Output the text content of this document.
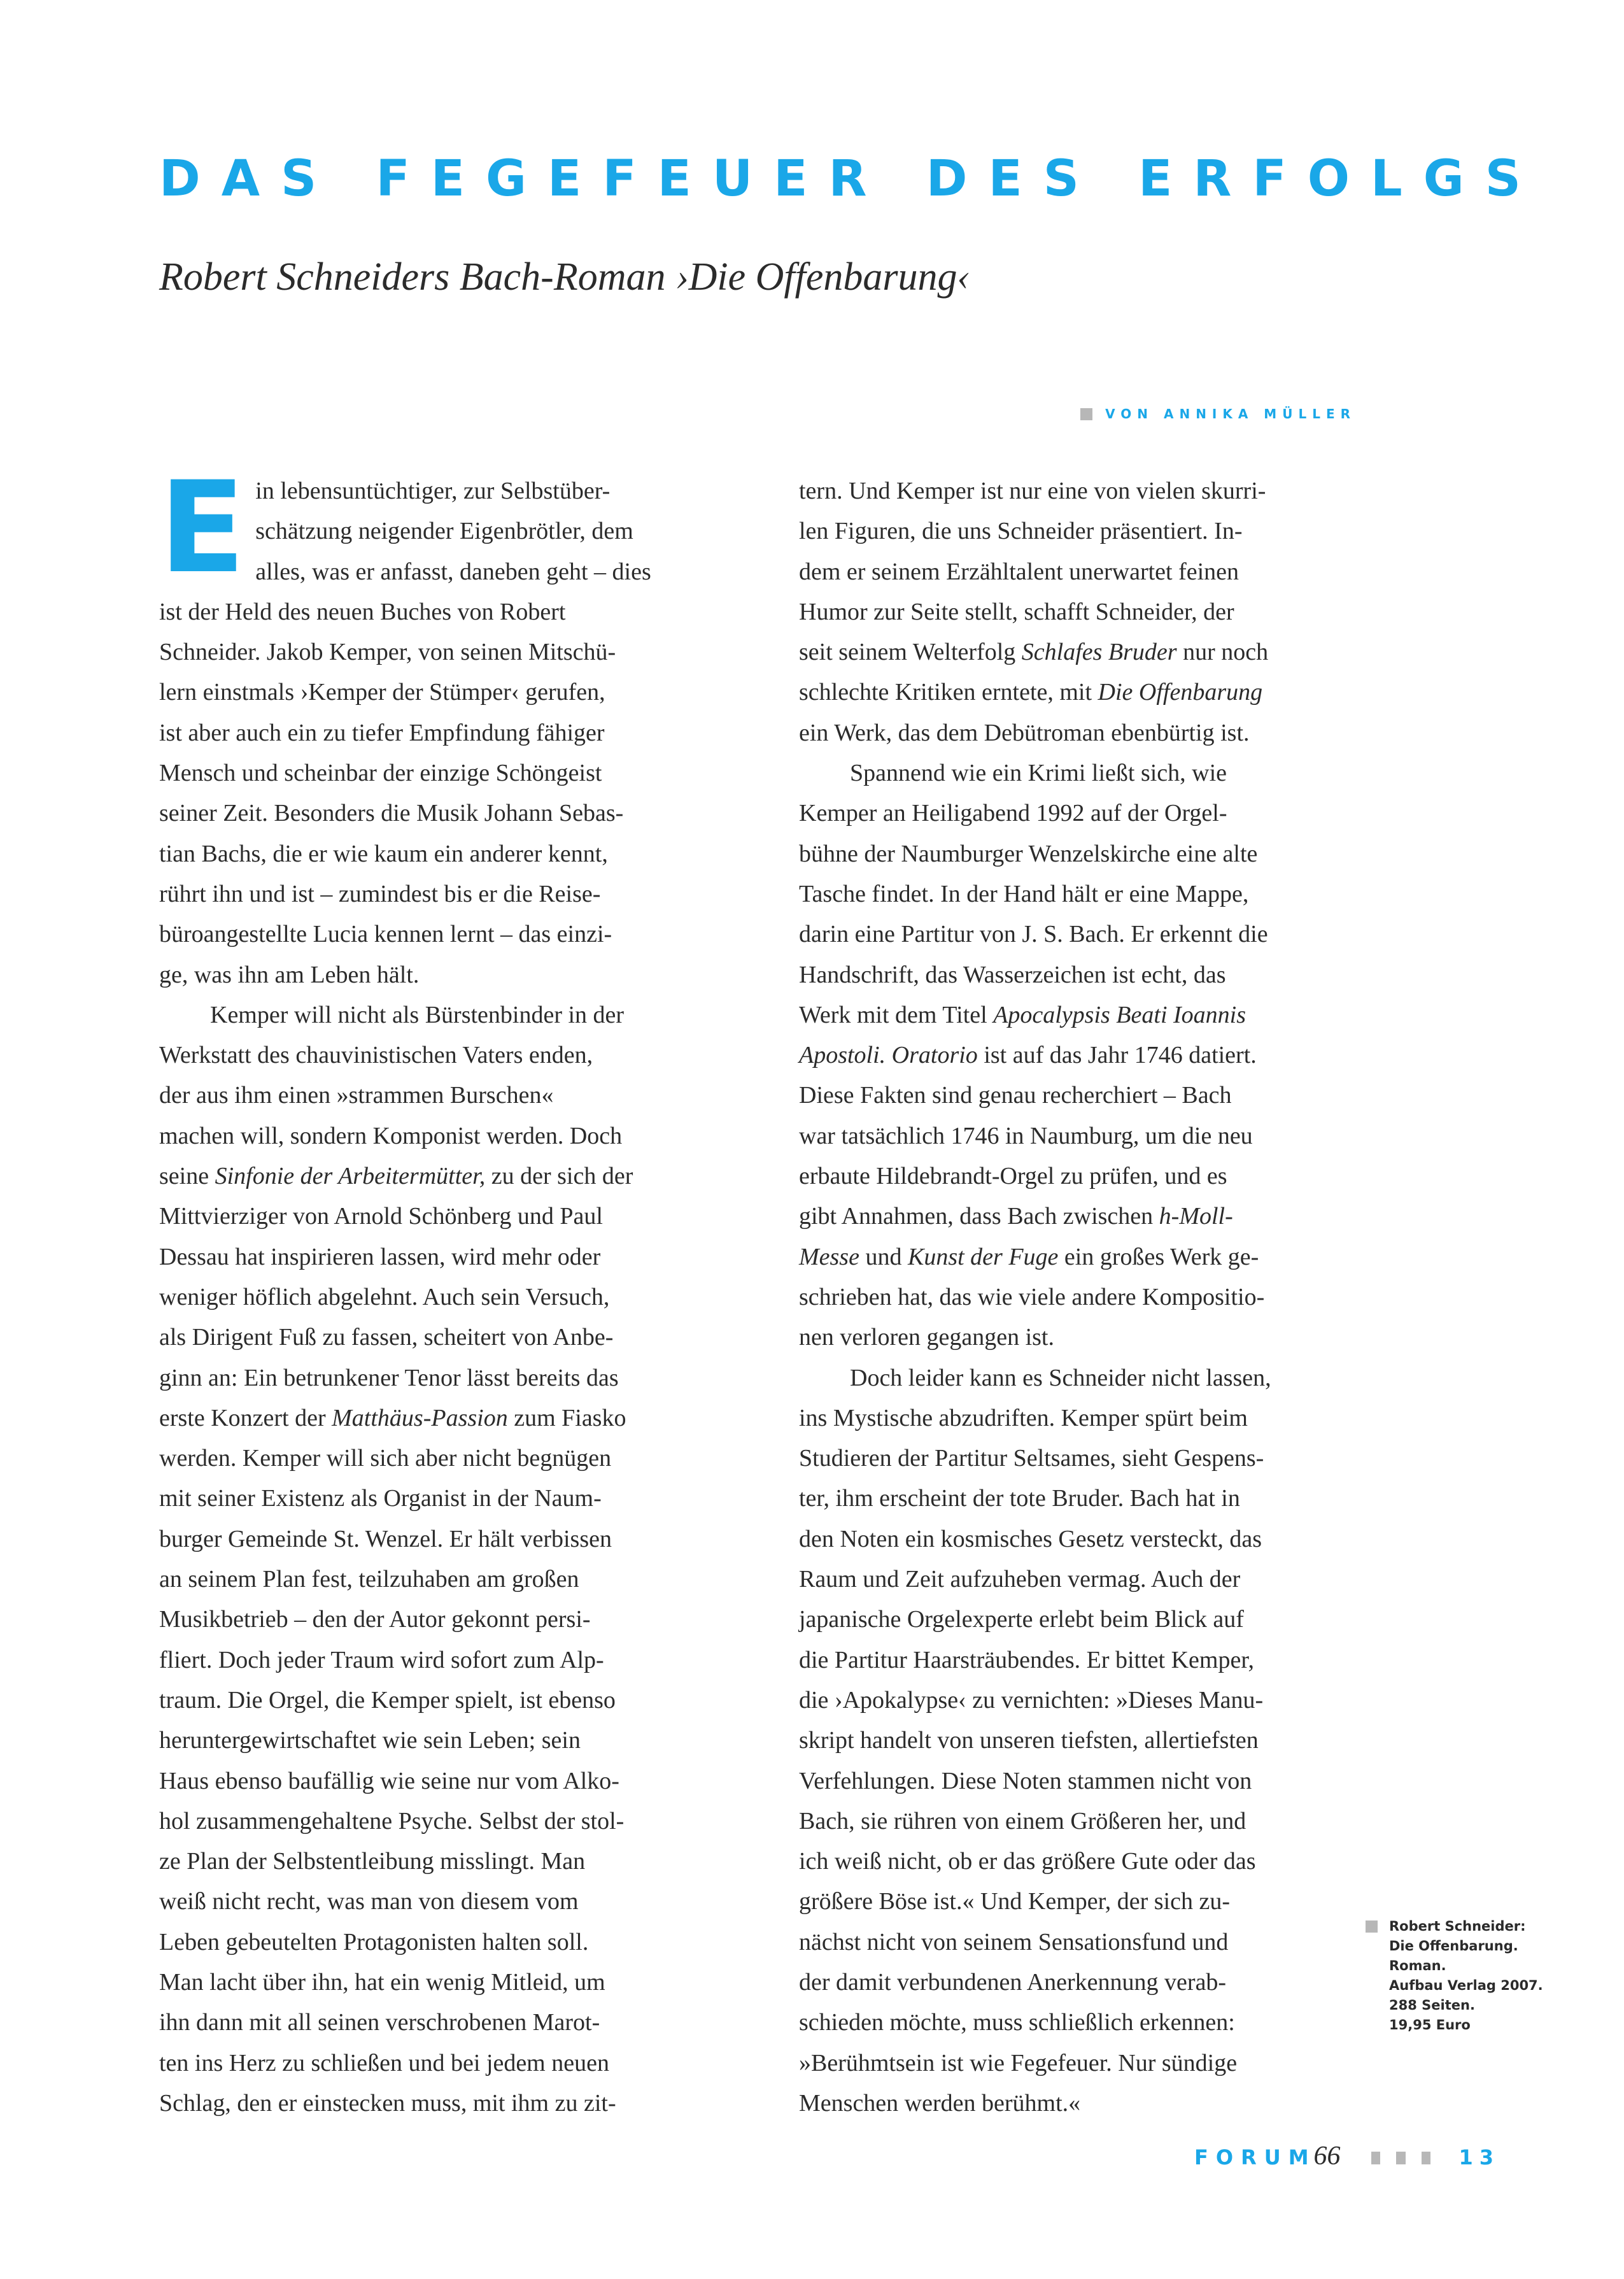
DAS FEGEFEUER DES ERFOLGS
Robert Schneiders Bach-Roman ›Die Offenbarung‹
VON ANNIKA MÜLLER
E in lebensuntüchtiger, zur Selbstüber-
schätzung neigender Eigenbrötler, dem
alles, was er anfasst, daneben geht – dies
ist der Held des neuen Buches von Robert
Schneider. Jakob Kemper, von seinen Mitschü-
lern einstmals ›Kemper der Stümper‹ gerufen,
ist aber auch ein zu tiefer Empfindung fähiger
Mensch und scheinbar der einzige Schöngeist
seiner Zeit. Besonders die Musik Johann Sebas-
tian Bachs, die er wie kaum ein anderer kennt,
rührt ihn und ist – zumindest bis er die Reise-
büroangestellte Lucia kennen lernt – das einzi-
ge, was ihn am Leben hält.
Kemper will nicht als Bürstenbinder in der
Werkstatt des chauvinistischen Vaters enden,
der aus ihm einen »strammen Burschen«
machen will, sondern Komponist werden. Doch
seine Sinfonie der Arbeitermütter, zu der sich der
Mittvierziger von Arnold Schönberg und Paul
Dessau hat inspirieren lassen, wird mehr oder
weniger höflich abgelehnt. Auch sein Versuch,
als Dirigent Fuß zu fassen, scheitert von Anbe-
ginn an: Ein betrunkener Tenor lässt bereits das
erste Konzert der Matthäus-Passion zum Fiasko
werden. Kemper will sich aber nicht begnügen
mit seiner Existenz als Organist in der Naum-
burger Gemeinde St. Wenzel. Er hält verbissen
an seinem Plan fest, teilzuhaben am großen
Musikbetrieb – den der Autor gekonnt persi-
fliert. Doch jeder Traum wird sofort zum Alp-
traum. Die Orgel, die Kemper spielt, ist ebenso
heruntergewirtschaftet wie sein Leben; sein
Haus ebenso baufällig wie seine nur vom Alko-
hol zusammengehaltene Psyche. Selbst der stol-
ze Plan der Selbstentleibung misslingt. Man
weiß nicht recht, was man von diesem vom
Leben gebeutelten Protagonisten halten soll.
Man lacht über ihn, hat ein wenig Mitleid, um
ihn dann mit all seinen verschrobenen Marot-
ten ins Herz zu schließen und bei jedem neuen
Schlag, den er einstecken muss, mit ihm zu zit-
tern. Und Kemper ist nur eine von vielen skurri-
len Figuren, die uns Schneider präsentiert. In-
dem er seinem Erzähltalent unerwartet feinen
Humor zur Seite stellt, schafft Schneider, der
seit seinem Welterfolg Schlafes Bruder nur noch
schlechte Kritiken erntete, mit Die Offenbarung
ein Werk, das dem Debütroman ebenbürtig ist.
Spannend wie ein Krimi ließt sich, wie
Kemper an Heiligabend 1992 auf der Orgel-
bühne der Naumburger Wenzelskirche eine alte
Tasche findet. In der Hand hält er eine Mappe,
darin eine Partitur von J. S. Bach. Er erkennt die
Handschrift, das Wasserzeichen ist echt, das
Werk mit dem Titel Apocalypsis Beati Ioannis
Apostoli. Oratorio ist auf das Jahr 1746 datiert.
Diese Fakten sind genau recherchiert – Bach
war tatsächlich 1746 in Naumburg, um die neu
erbaute Hildebrandt-Orgel zu prüfen, und es
gibt Annahmen, dass Bach zwischen h-Moll-
Messe und Kunst der Fuge ein großes Werk ge-
schrieben hat, das wie viele andere Kompositio-
nen verloren gegangen ist.
Doch leider kann es Schneider nicht lassen,
ins Mystische abzudriften. Kemper spürt beim
Studieren der Partitur Seltsames, sieht Gespens-
ter, ihm erscheint der tote Bruder. Bach hat in
den Noten ein kosmisches Gesetz versteckt, das
Raum und Zeit aufzuheben vermag. Auch der
japanische Orgelexperte erlebt beim Blick auf
die Partitur Haarsträubendes. Er bittet Kemper,
die ›Apokalypse‹ zu vernichten: »Dieses Manu-
skript handelt von unseren tiefsten, allertiefsten
Verfehlungen. Diese Noten stammen nicht von
Bach, sie rühren von einem Größeren her, und
ich weiß nicht, ob er das größere Gute oder das
größere Böse ist.« Und Kemper, der sich zu-
nächst nicht von seinem Sensationsfund und
der damit verbundenen Anerkennung verab-
schieden möchte, muss schließlich erkennen:
»Berühmtsein ist wie Fegefeuer. Nur sündige
Menschen werden berühmt.«
Robert Schneider:
Die Offenbarung.
Roman.
Aufbau Verlag 2007.
288 Seiten.
19,95 Euro
FORUM
66	13
